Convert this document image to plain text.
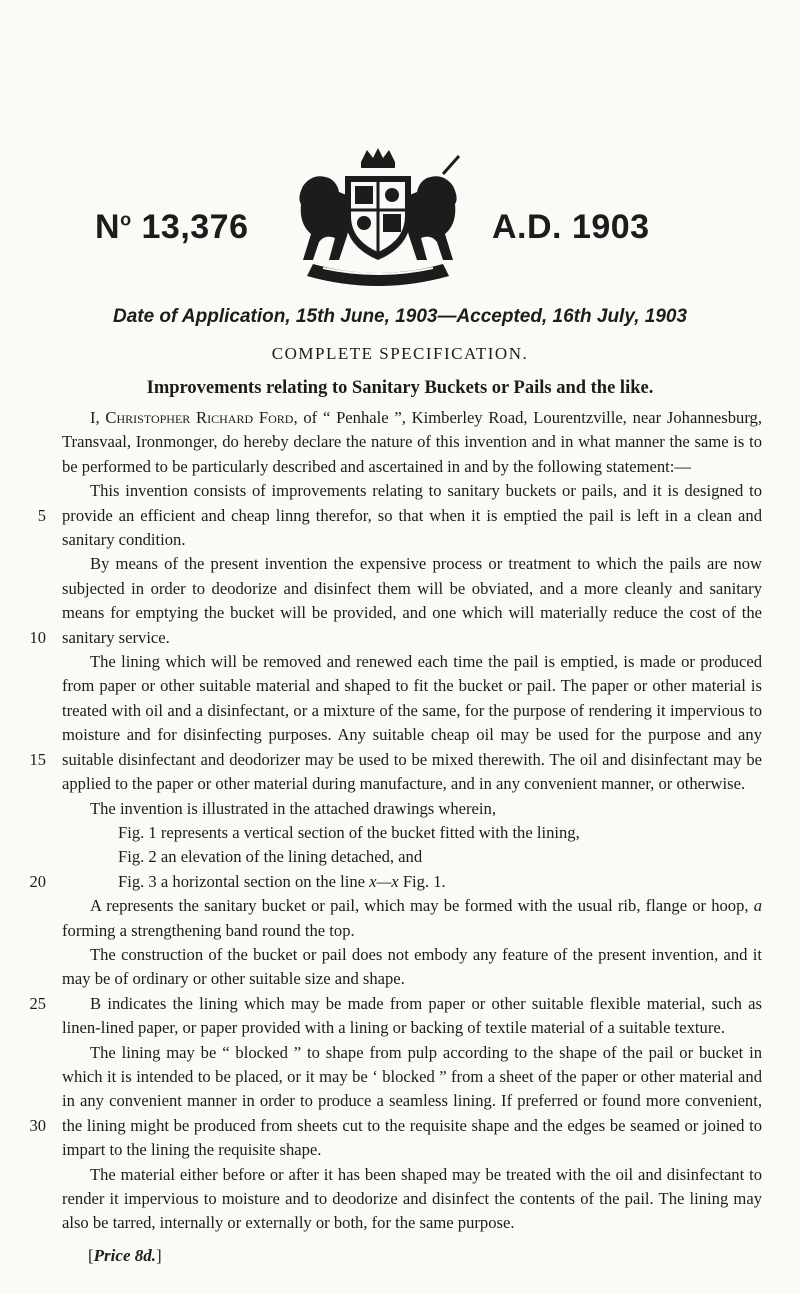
$N^o$ 13,376	A.D. 1903
Date of Application, 15th June, 1903—Accepted, 16th July, 1903
COMPLETE SPECIFICATION.
Improvements relating to Sanitary Buckets or Pails and the like.

I, Christopher Richard Ford, of “ Penhale ”, Kimberley Road, Lourentzville, near Johannesburg, Transvaal, Ironmonger, do hereby declare the nature of this invention and in what manner the same is to be performed to be particularly described and ascertained in and by the following statement:—

This invention consists of improvements relating to sanitary buckets or pails, and it is designed to provide an efficient and cheap linng therefor, so that when it is emptied the pail is left in a clean and sanitary condition.

By means of the present invention the expensive process or treatment to which the pails are now subjected in order to deodorize and disinfect them will be obviated, and a more cleanly and sanitary means for emptying the bucket will be provided, and one which will materially reduce the cost of the sanitary service.

The lining which will be removed and renewed each time the pail is emptied, is made or produced from paper or other suitable material and shaped to fit the bucket or pail. The paper or other material is treated with oil and a disinfectant, or a mixture of the same, for the purpose of rendering it impervious to moisture and for disinfecting purposes. Any suitable cheap oil may be used for the purpose and any suitable disinfectant and deodorizer may be used to be mixed therewith. The oil and disinfectant may be applied to the paper or other material during manufacture, and in any convenient manner, or otherwise.

The invention is illustrated in the attached drawings wherein,

Fig. 1 represents a vertical section of the bucket fitted with the lining,

Fig. 2 an elevation of the lining detached, and

Fig. 3 a horizontal section on the line x—x Fig. 1.

A represents the sanitary bucket or pail, which may be formed with the usual rib, flange or hoop, a forming a strengthening band round the top.

The construction of the bucket or pail does not embody any feature of the present invention, and it may be of ordinary or other suitable size and shape.

B indicates the lining which may be made from paper or other suitable flexible material, such as linen-lined paper, or paper provided with a lining or backing of textile material of a suitable texture.

The lining may be “ blocked ” to shape from pulp according to the shape of the pail or bucket in which it is intended to be placed, or it may be ‘ blocked ” from a sheet of the paper or other material and in any convenient manner in order to produce a seamless lining. If preferred or found more convenient, the lining might be produced from sheets cut to the requisite shape and the edges be seamed or joined to impart to the lining the requisite shape.

The material either before or after it has been shaped may be treated with the oil and disinfectant to render it impervious to moisture and to deodorize and disinfect the contents of the pail. The lining may also be tarred, internally or externally or both, for the same purpose.

5
10
15
20
25
30
[Price 8d.]
